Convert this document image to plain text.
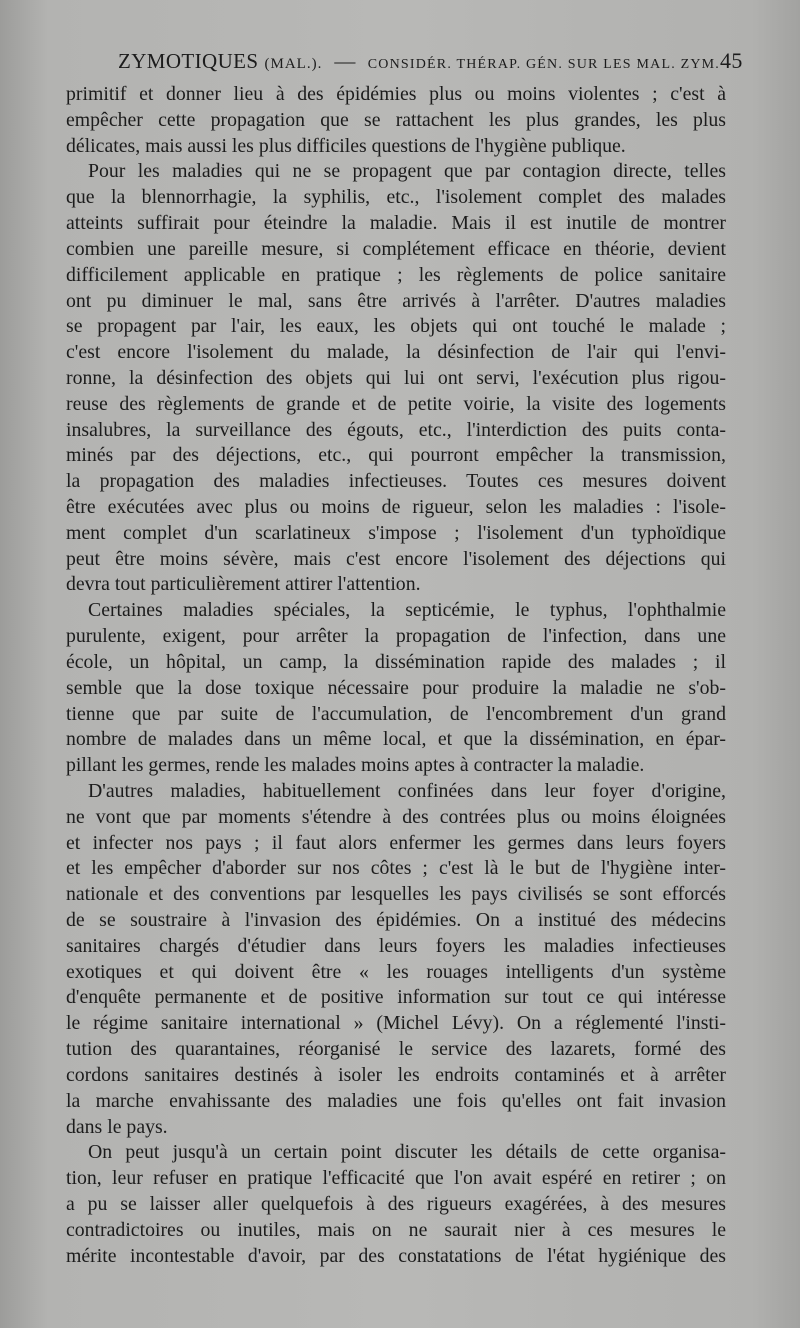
ZYMOTIQUES (MAL.). — CONSIDÉR. THÉRAP. GÉN. SUR LES MAL. ZYM. 45
primitif et donner lieu à des épidémies plus ou moins violentes ; c'est à
empêcher cette propagation que se rattachent les plus grandes, les plus
délicates, mais aussi les plus difficiles questions de l'hygiène publique.
Pour les maladies qui ne se propagent que par contagion directe, telles
que la blennorrhagie, la syphilis, etc., l'isolement complet des malades
atteints suffirait pour éteindre la maladie. Mais il est inutile de montrer
combien une pareille mesure, si complétement efficace en théorie, devient
difficilement applicable en pratique ; les règlements de police sanitaire
ont pu diminuer le mal, sans être arrivés à l'arrêter. D'autres maladies
se propagent par l'air, les eaux, les objets qui ont touché le malade ;
c'est encore l'isolement du malade, la désinfection de l'air qui l'envi-
ronne, la désinfection des objets qui lui ont servi, l'exécution plus rigou-
reuse des règlements de grande et de petite voirie, la visite des logements
insalubres, la surveillance des égouts, etc., l'interdiction des puits conta-
minés par des déjections, etc., qui pourront empêcher la transmission,
la propagation des maladies infectieuses. Toutes ces mesures doivent
être exécutées avec plus ou moins de rigueur, selon les maladies : l'isole-
ment complet d'un scarlatineux s'impose ; l'isolement d'un typhoïdique
peut être moins sévère, mais c'est encore l'isolement des déjections qui
devra tout particulièrement attirer l'attention.
Certaines maladies spéciales, la septicémie, le typhus, l'ophthalmie
purulente, exigent, pour arrêter la propagation de l'infection, dans une
école, un hôpital, un camp, la dissémination rapide des malades ; il
semble que la dose toxique nécessaire pour produire la maladie ne s'ob-
tienne que par suite de l'accumulation, de l'encombrement d'un grand
nombre de malades dans un même local, et que la dissémination, en épar-
pillant les germes, rende les malades moins aptes à contracter la maladie.
D'autres maladies, habituellement confinées dans leur foyer d'origine,
ne vont que par moments s'étendre à des contrées plus ou moins éloignées
et infecter nos pays ; il faut alors enfermer les germes dans leurs foyers
et les empêcher d'aborder sur nos côtes ; c'est là le but de l'hygiène inter-
nationale et des conventions par lesquelles les pays civilisés se sont efforcés
de se soustraire à l'invasion des épidémies. On a institué des médecins
sanitaires chargés d'étudier dans leurs foyers les maladies infectieuses
exotiques et qui doivent être « les rouages intelligents d'un système
d'enquête permanente et de positive information sur tout ce qui intéresse
le régime sanitaire international » (Michel Lévy). On a réglementé l'insti-
tution des quarantaines, réorganisé le service des lazarets, formé des
cordons sanitaires destinés à isoler les endroits contaminés et à arrêter
la marche envahissante des maladies une fois qu'elles ont fait invasion
dans le pays.
On peut jusqu'à un certain point discuter les détails de cette organisa-
tion, leur refuser en pratique l'efficacité que l'on avait espéré en retirer ; on
a pu se laisser aller quelquefois à des rigueurs exagérées, à des mesures
contradictoires ou inutiles, mais on ne saurait nier à ces mesures le
mérite incontestable d'avoir, par des constatations de l'état hygiénique des
